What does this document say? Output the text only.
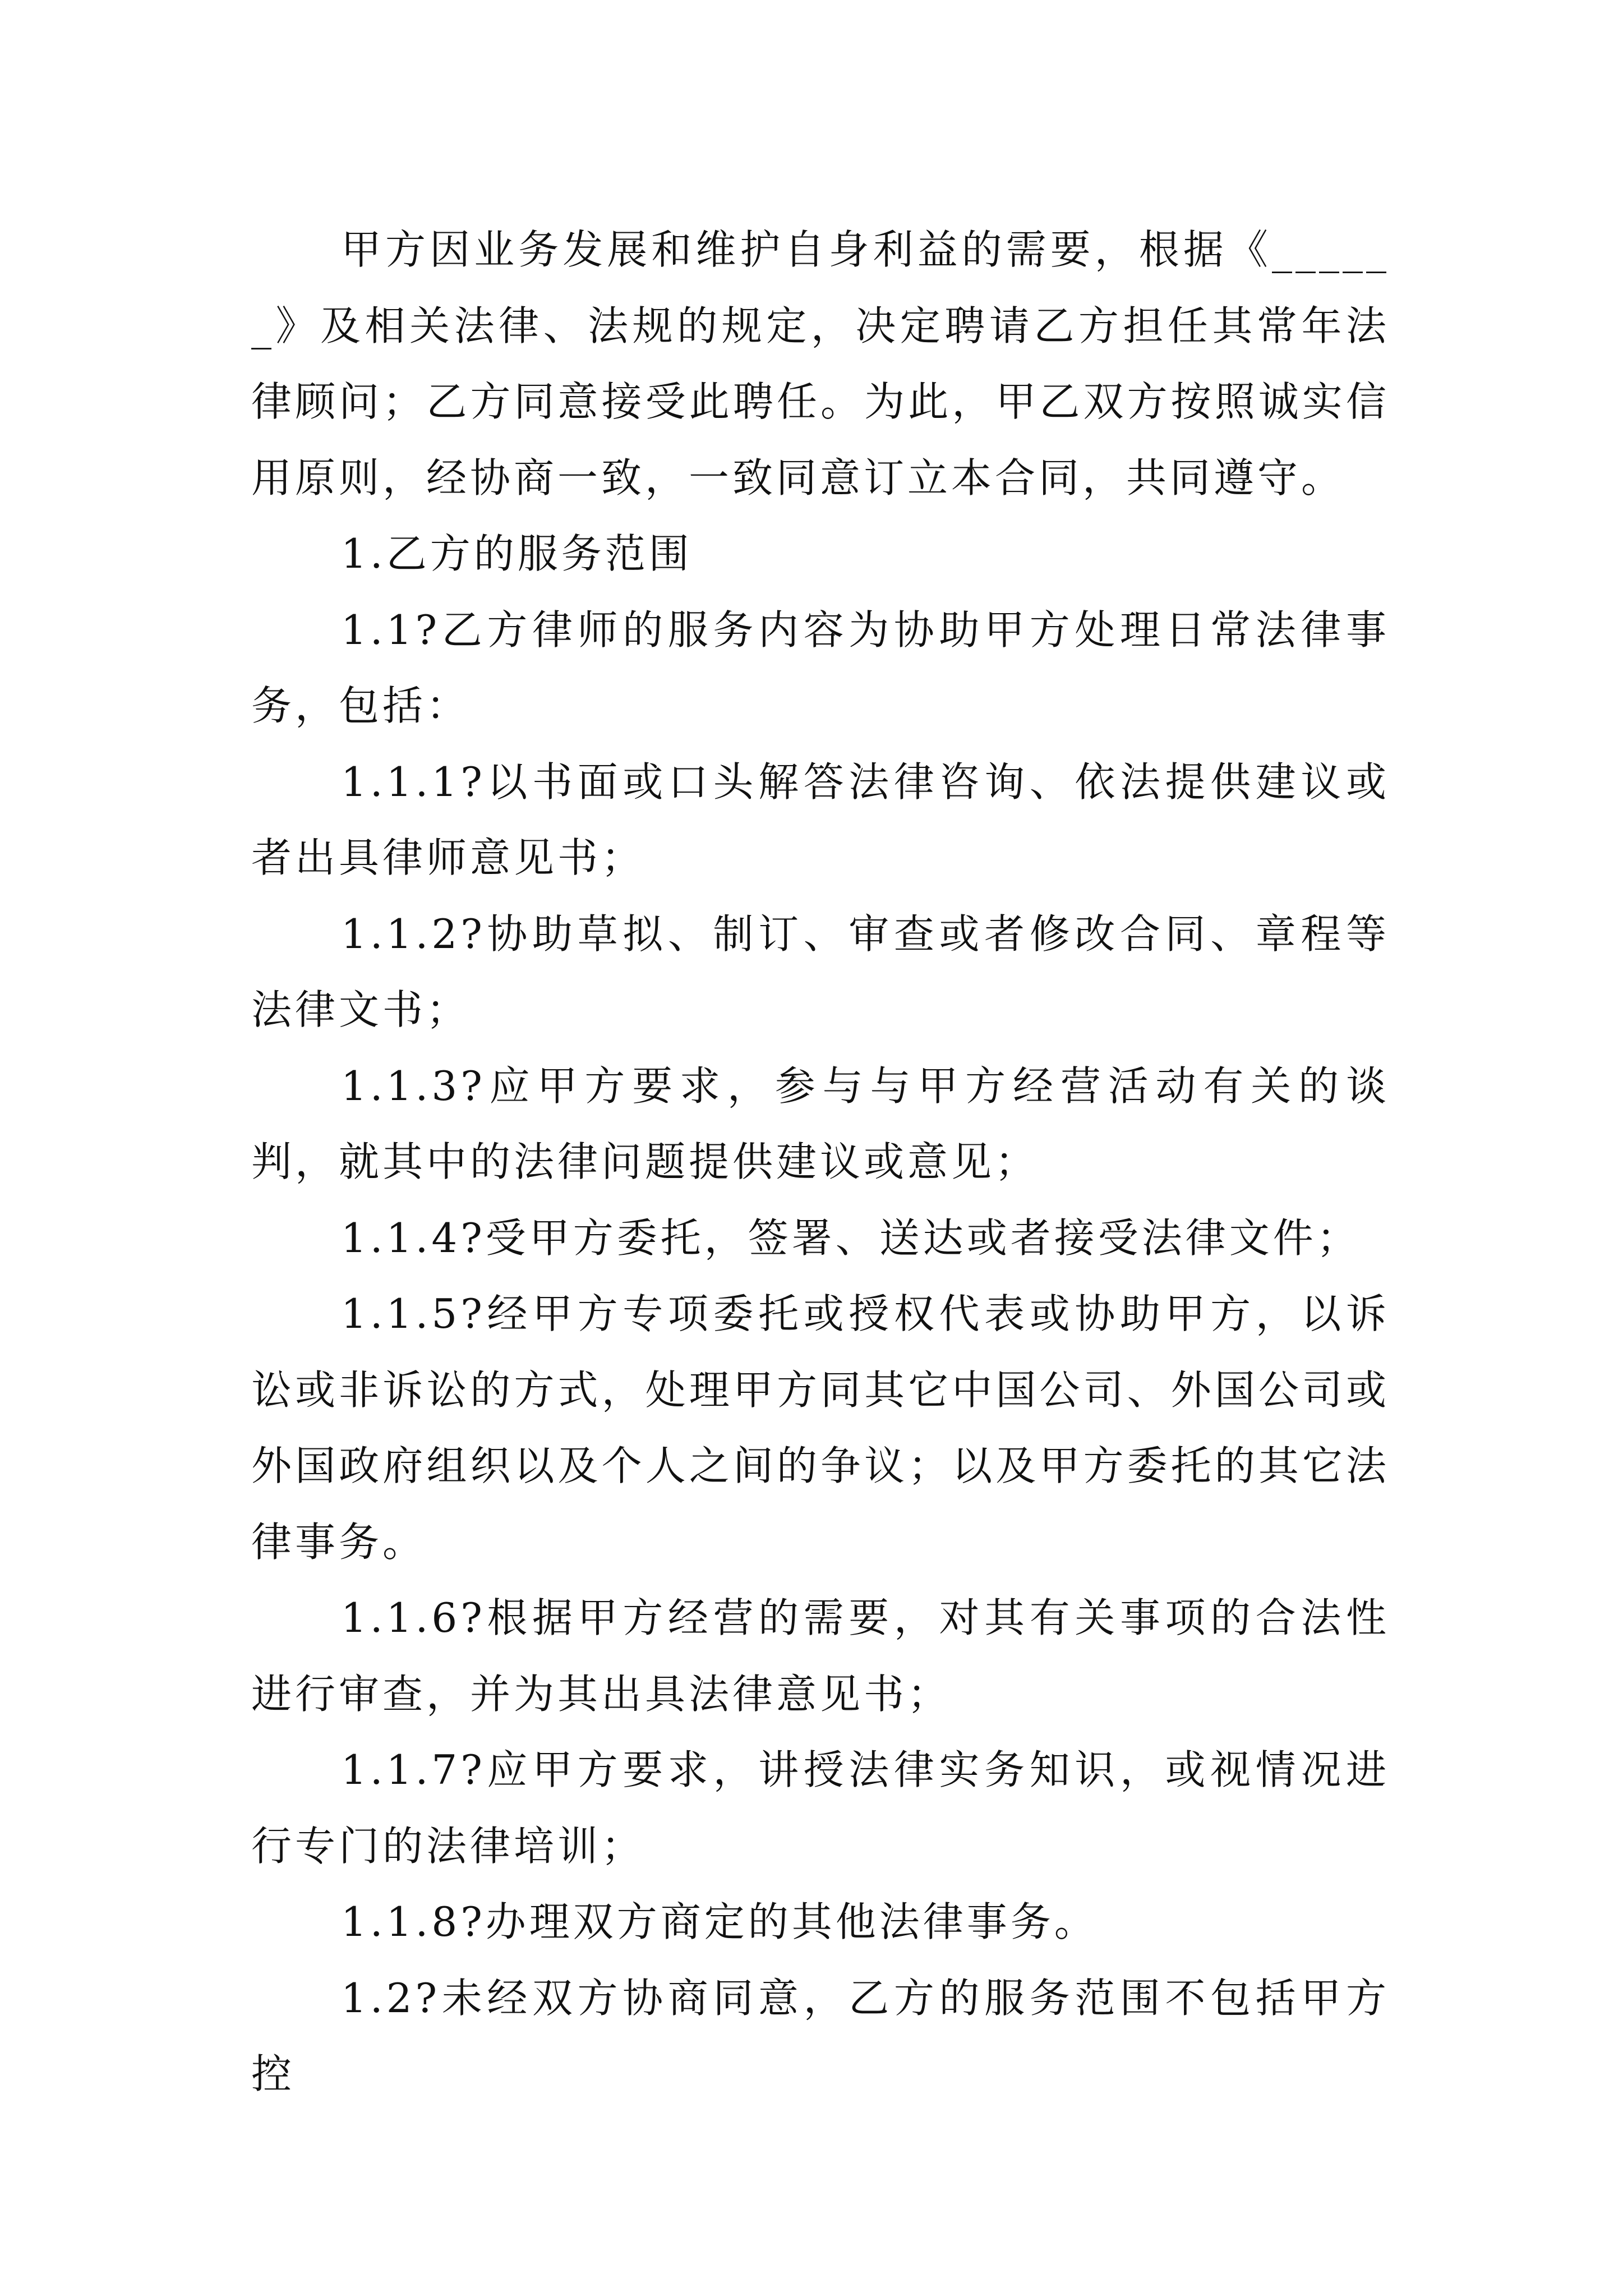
甲方因业务发展和维护自身利益的需要，根据《______》及相关法律、法规的规定，决定聘请乙方担任其常年法律顾问；乙方同意接受此聘任。为此，甲乙双方按照诚实信用原则，经协商一致，一致同意订立本合同，共同遵守。

1.乙方的服务范围

1.1?乙方律师的服务内容为协助甲方处理日常法律事务，包括：

1.1.1?以书面或口头解答法律咨询、依法提供建议或者出具律师意见书；

1.1.2?协助草拟、制订、审查或者修改合同、章程等法律文书；

1.1.3?应甲方要求，参与与甲方经营活动有关的谈判，就其中的法律问题提供建议或意见；

1.1.4?受甲方委托，签署、送达或者接受法律文件；

1.1.5?经甲方专项委托或授权代表或协助甲方，以诉讼或非诉讼的方式，处理甲方同其它中国公司、外国公司或外国政府组织以及个人之间的争议；以及甲方委托的其它法律事务。

1.1.6?根据甲方经营的需要，对其有关事项的合法性进行审查，并为其出具法律意见书；

1.1.7?应甲方要求，讲授法律实务知识，或视情况进行专门的法律培训；

1.1.8?办理双方商定的其他法律事务。

1.2?未经双方协商同意，乙方的服务范围不包括甲方控
